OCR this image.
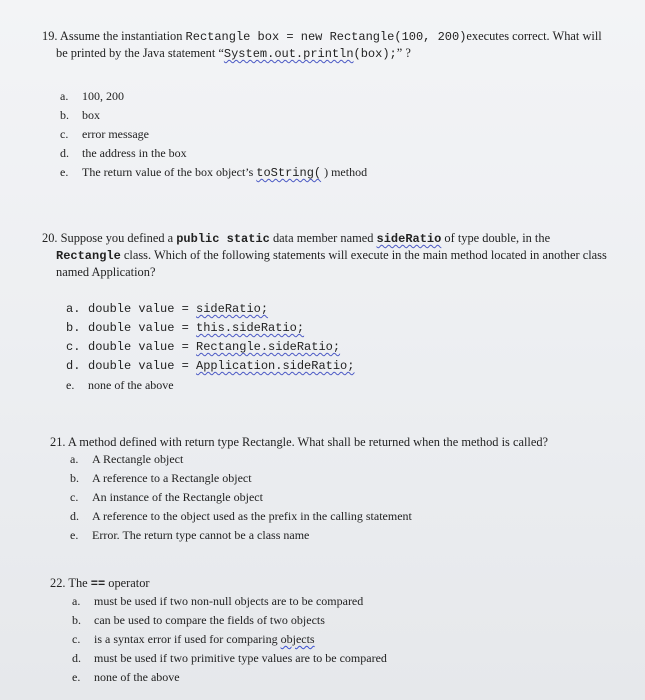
19. Assume the instantiation Rectangle box = new Rectangle(100, 200)executes correct. What will be printed by the Java statement “System.out.println(box);” ?

a. 100, 200
b. box
c. error message
d. the address in the box
e. The return value of the box object’s toString( ) method

20. Suppose you defined a public static data member named sideRatio of type double, in the Rectangle class. Which of the following statements will execute in the main method located in another class named Application?

a. double value = sideRatio;
b. double value = this.sideRatio;
c. double value = Rectangle.sideRatio;
d. double value = Application.sideRatio;
e. none of the above

21. A method defined with return type Rectangle. What shall be returned when the method is called?

a. A Rectangle object
b. A reference to a Rectangle object
c. An instance of the Rectangle object
d. A reference to the object used as the prefix in the calling statement
e. Error. The return type cannot be a class name

22. The == operator

a. must be used if two non-null objects are to be compared
b. can be used to compare the fields of two objects
c. is a syntax error if used for comparing objects
d. must be used if two primitive type values are to be compared
e. none of the above
